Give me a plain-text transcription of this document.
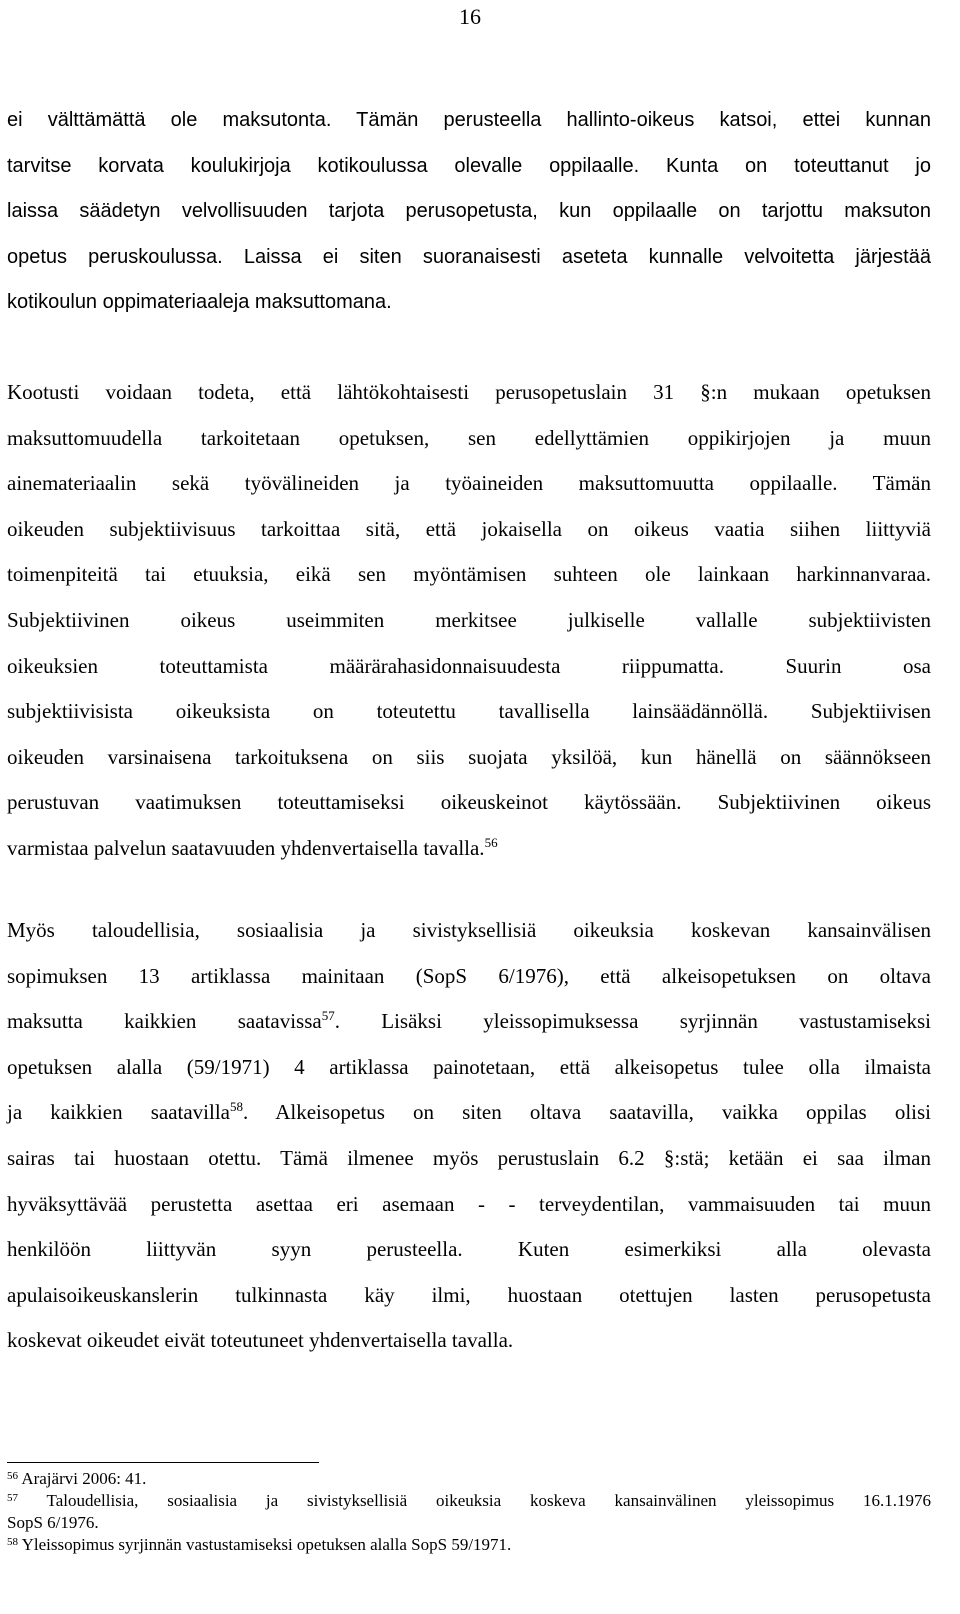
16
ei välttämättä ole maksutonta. Tämän perusteella hallinto-oikeus katsoi, ettei kunnan
tarvitse korvata koulukirjoja kotikoulussa olevalle oppilaalle. Kunta on toteuttanut jo
laissa säädetyn velvollisuuden tarjota perusopetusta, kun oppilaalle on tarjottu maksuton
opetus peruskoulussa. Laissa ei siten suoranaisesti aseteta kunnalle velvoitetta järjestää
kotikoulun oppimateriaaleja maksuttomana.
Kootusti voidaan todeta, että lähtökohtaisesti perusopetuslain 31 §:n mukaan opetuksen
maksuttomuudella tarkoitetaan opetuksen, sen edellyttämien oppikirjojen ja muun
ainemateriaalin sekä työvälineiden ja työaineiden maksuttomuutta oppilaalle. Tämän
oikeuden subjektiivisuus tarkoittaa sitä, että jokaisella on oikeus vaatia siihen liittyviä
toimenpiteitä tai etuuksia, eikä sen myöntämisen suhteen ole lainkaan harkinnanvaraa.
Subjektiivinen oikeus useimmiten merkitsee julkiselle vallalle subjektiivisten
oikeuksien toteuttamista määrärahasidonnaisuudesta riippumatta. Suurin osa
subjektiivisista oikeuksista on toteutettu tavallisella lainsäädännöllä. Subjektiivisen
oikeuden varsinaisena tarkoituksena on siis suojata yksilöä, kun hänellä on säännökseen
perustuvan vaatimuksen toteuttamiseksi oikeuskeinot käytössään. Subjektiivinen oikeus
varmistaa palvelun saatavuuden yhdenvertaisella tavalla.$^{56}$
Myös taloudellisia, sosiaalisia ja sivistyksellisiä oikeuksia koskevan kansainvälisen
sopimuksen 13 artiklassa mainitaan (SopS 6/1976), että alkeisopetuksen on oltava
maksutta kaikkien saatavissa$^{57}$. Lisäksi yleissopimuksessa syrjinnän vastustamiseksi
opetuksen alalla (59/1971) 4 artiklassa painotetaan, että alkeisopetus tulee olla ilmaista
ja kaikkien saatavilla$^{58}$. Alkeisopetus on siten oltava saatavilla, vaikka oppilas olisi
sairas tai huostaan otettu. Tämä ilmenee myös perustuslain 6.2 §:stä; ketään ei saa ilman
hyväksyttävää perustetta asettaa eri asemaan - - terveydentilan, vammaisuuden tai muun
henkilöön liittyvän syyn perusteella. Kuten esimerkiksi alla olevasta
apulaisoikeuskanslerin tulkinnasta käy ilmi, huostaan otettujen lasten perusopetusta
koskevat oikeudet eivät toteutuneet yhdenvertaisella tavalla.
$^{56}$ Arajärvi 2006: 41.
$^{57}$ Taloudellisia, sosiaalisia ja sivistyksellisiä oikeuksia koskeva kansainvälinen yleissopimus 16.1.1976
SopS 6/1976.
$^{58}$ Yleissopimus syrjinnän vastustamiseksi opetuksen alalla SopS 59/1971.
